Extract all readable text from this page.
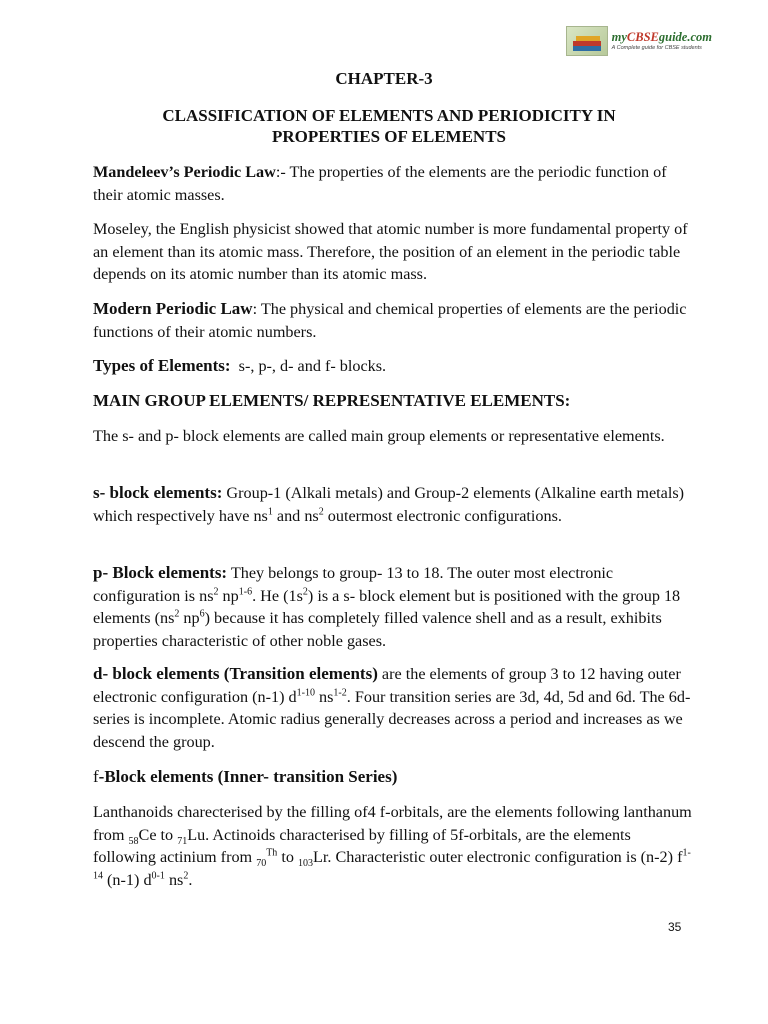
myCBSEguide.com
A Complete guide for CBSE students
CHAPTER-3
CLASSIFICATION OF ELEMENTS AND PERIODICITY IN
PROPERTIES OF ELEMENTS

Mandeleev’s Periodic Law:- The properties of the elements are the periodic function of their atomic masses.

Moseley, the English physicist showed that atomic number is more fundamental property of an element than its atomic mass. Therefore, the position of an element in the periodic table depends on its atomic number than its atomic mass.

Modern Periodic Law: The physical and chemical properties of elements are the periodic functions of their atomic numbers.

Types of Elements:  s-, p-, d- and f- blocks.

MAIN GROUP ELEMENTS/ REPRESENTATIVE ELEMENTS:

The s- and p- block elements are called main group elements or representative elements.

s- block elements: Group-1 (Alkali metals) and Group-2 elements (Alkaline earth metals) which respectively have $ns^1$ and $ns^2$ outermost electronic configurations.

p- Block elements: They belongs to group- 13 to 18. The outer most electronic configuration is $ns^2$ $np^{1-6}$. He $(1s^2)$ is a s- block element but is positioned with the group 18 elements ($ns^2$ $np^6$) because it has completely filled valence shell and as a result, exhibits properties characteristic of other noble gases.

d- block elements (Transition elements) are the elements of group 3 to 12 having outer electronic configuration (n-1) $d^{1-10}$ $ns^{1-2}$. Four transition series are 3d, 4d, 5d and 6d. The 6d- series is incomplete. Atomic radius generally decreases across a period and increases as we descend the group.

f-Block elements (Inner- transition Series)

Lanthanoids charecterised by the filling of4 f-orbitals, are the elements following lanthanum from $_{58}$Ce to $_{71}$Lu. Actinoids characterised by filling of 5f-orbitals, are the elements following actinium from $_{70}^{Th}$ to $_{103}$Lr. Characteristic outer electronic configuration is (n-2) $f^{1-14}$ (n-1) $d^{0-1}$ $ns^2$.

35
